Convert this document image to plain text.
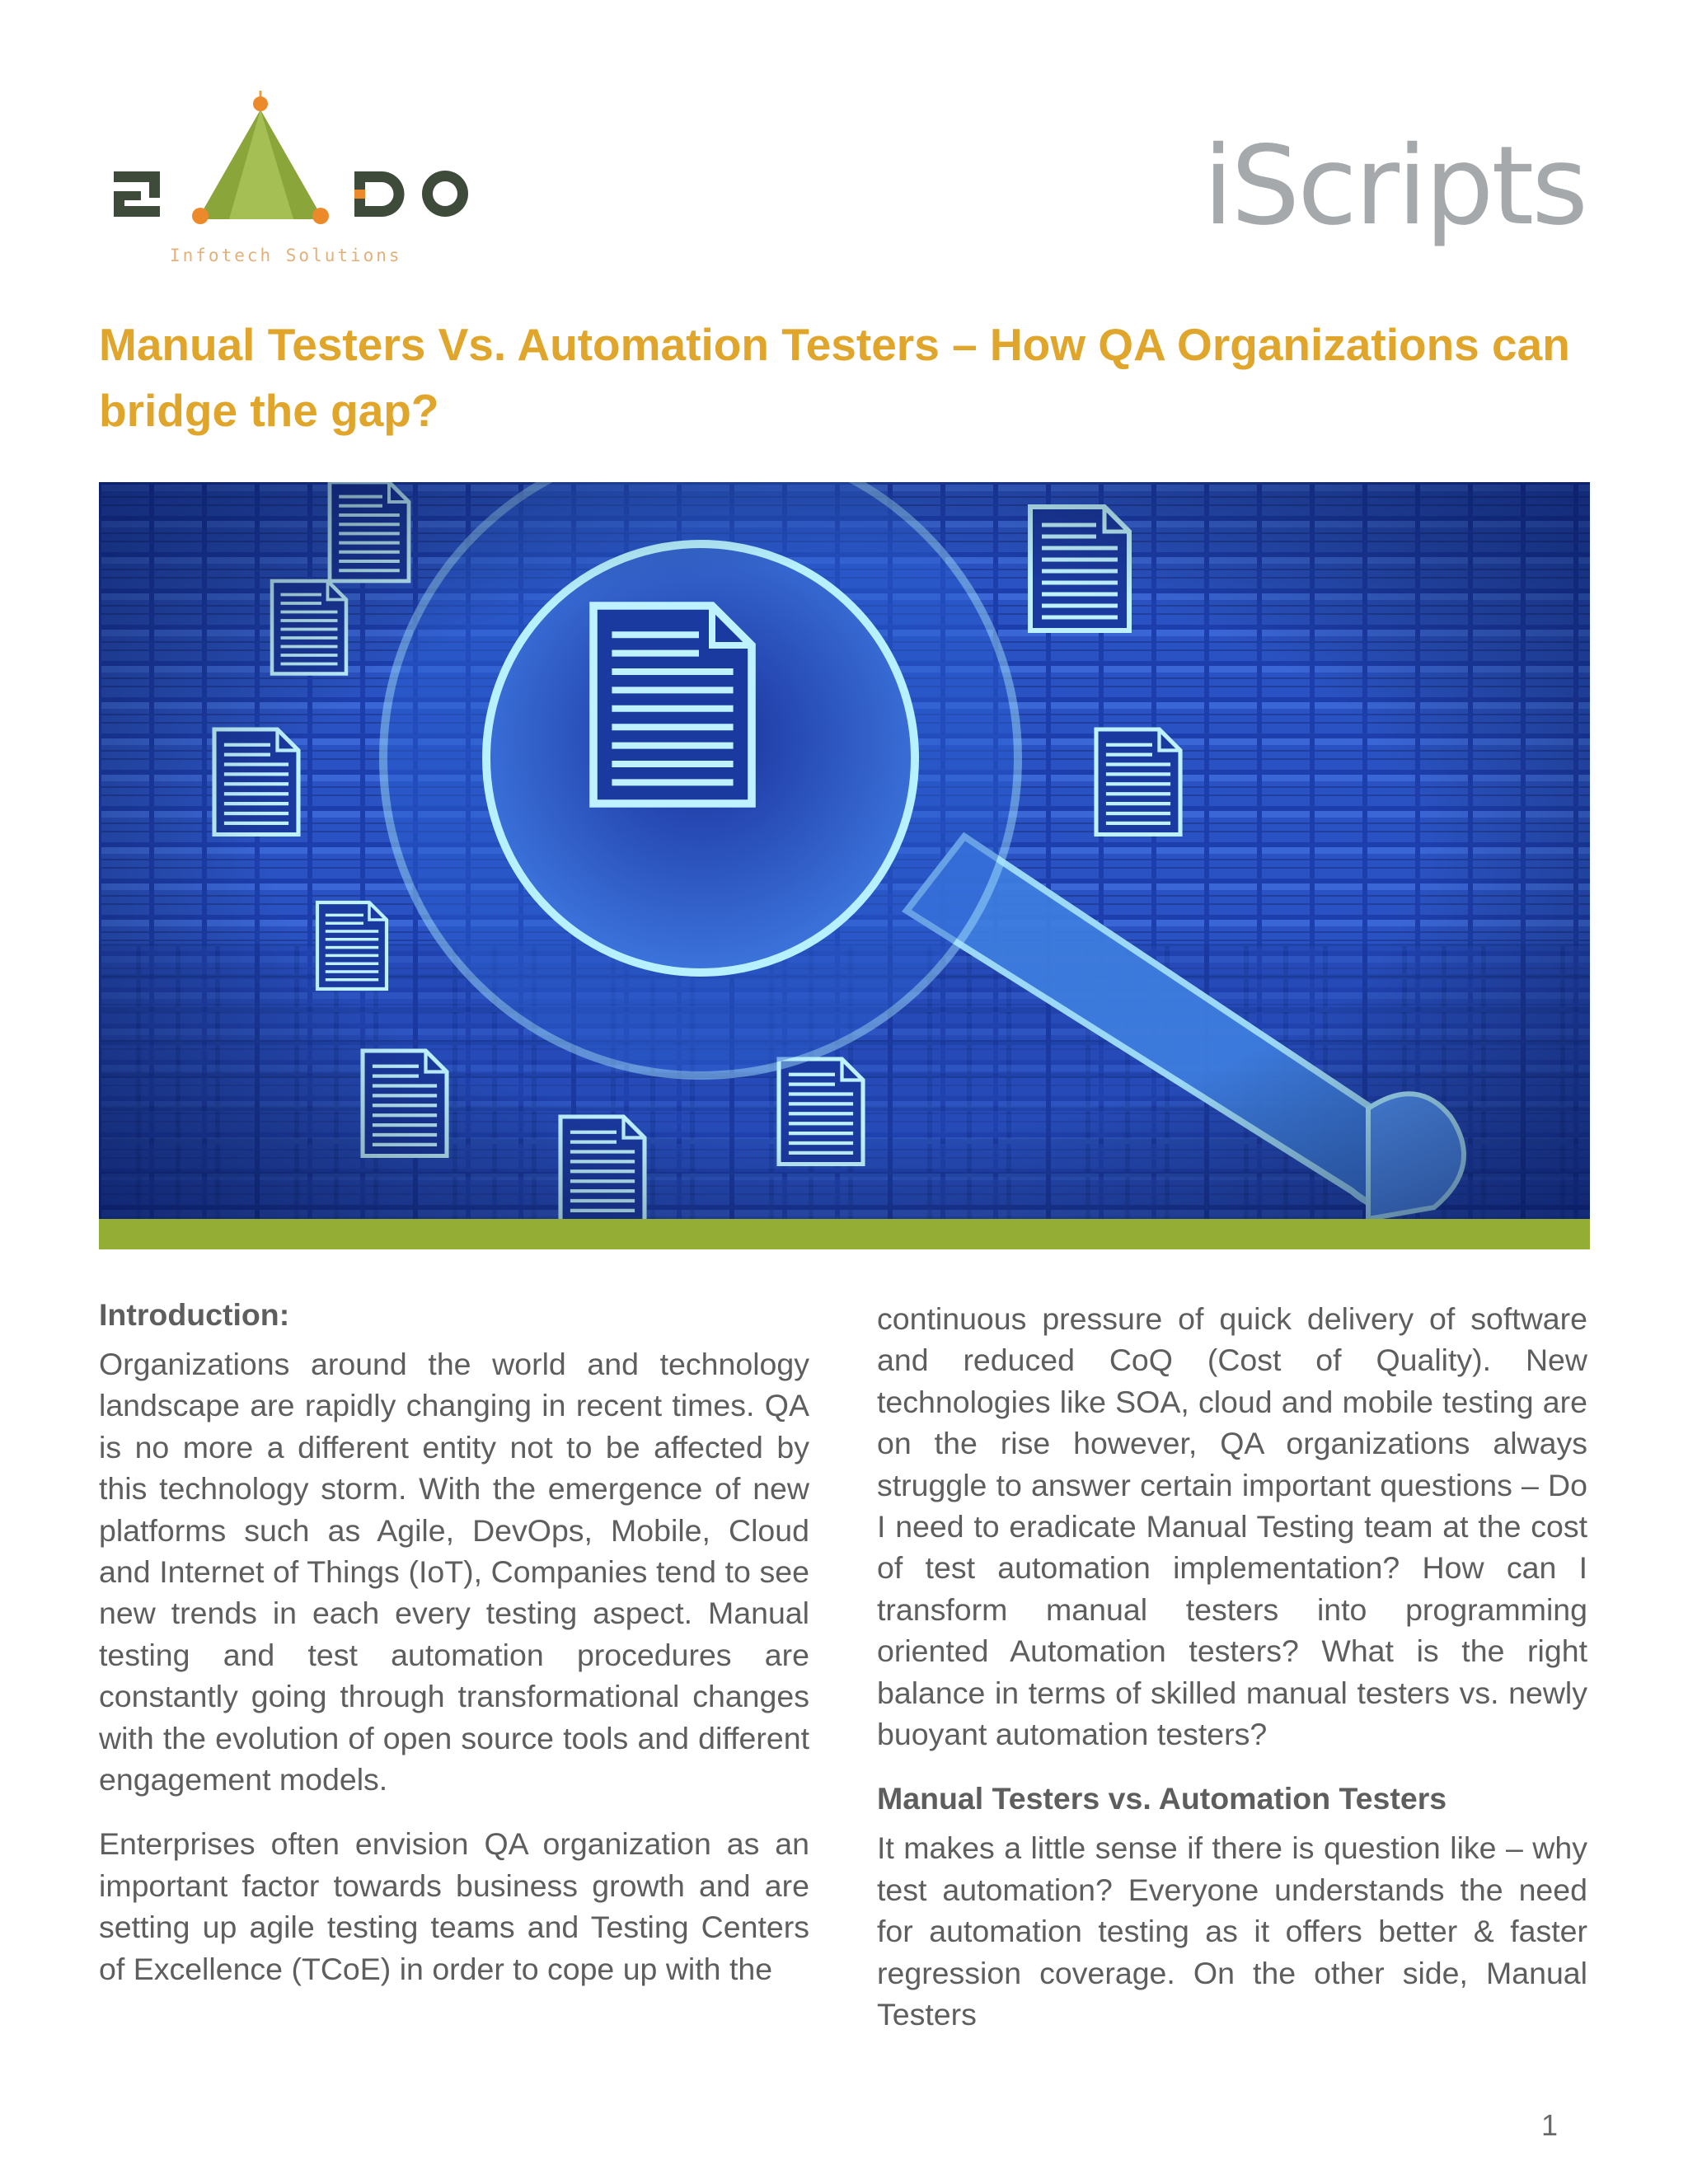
Infotech Solutions
iScripts
Manual Testers Vs. Automation Testers – How QA Organizations can bridge the gap?
Introduction:

Organizations around the world and technology landscape are rapidly changing in recent times. QA is no more a different entity not to be affected by this technology storm. With the emergence of new platforms such as Agile, DevOps, Mobile, Cloud and Internet of Things (IoT), Companies tend to see new trends in each every testing aspect. Manual testing and test automation procedures are constantly going through transformational changes with the evolution of open source tools and different engagement models.

Enterprises often envision QA organization as an important factor towards business growth and are setting up agile testing teams and Testing Centers of Excellence (TCoE) in order to cope up with the

continuous pressure of quick delivery of software and reduced CoQ (Cost of Quality). New technologies like SOA, cloud and mobile testing are on the rise however, QA organizations always struggle to answer certain important questions – Do I need to eradicate Manual Testing team at the cost of test automation implementation? How can I transform manual testers into programming oriented Automation testers? What is the right balance in terms of skilled manual testers vs. newly buoyant automation testers?

Manual Testers vs. Automation Testers

It makes a little sense if there is question like – why test automation? Everyone understands the need for automation testing as it offers better & faster regression coverage. On the other side, Manual Testers

1
